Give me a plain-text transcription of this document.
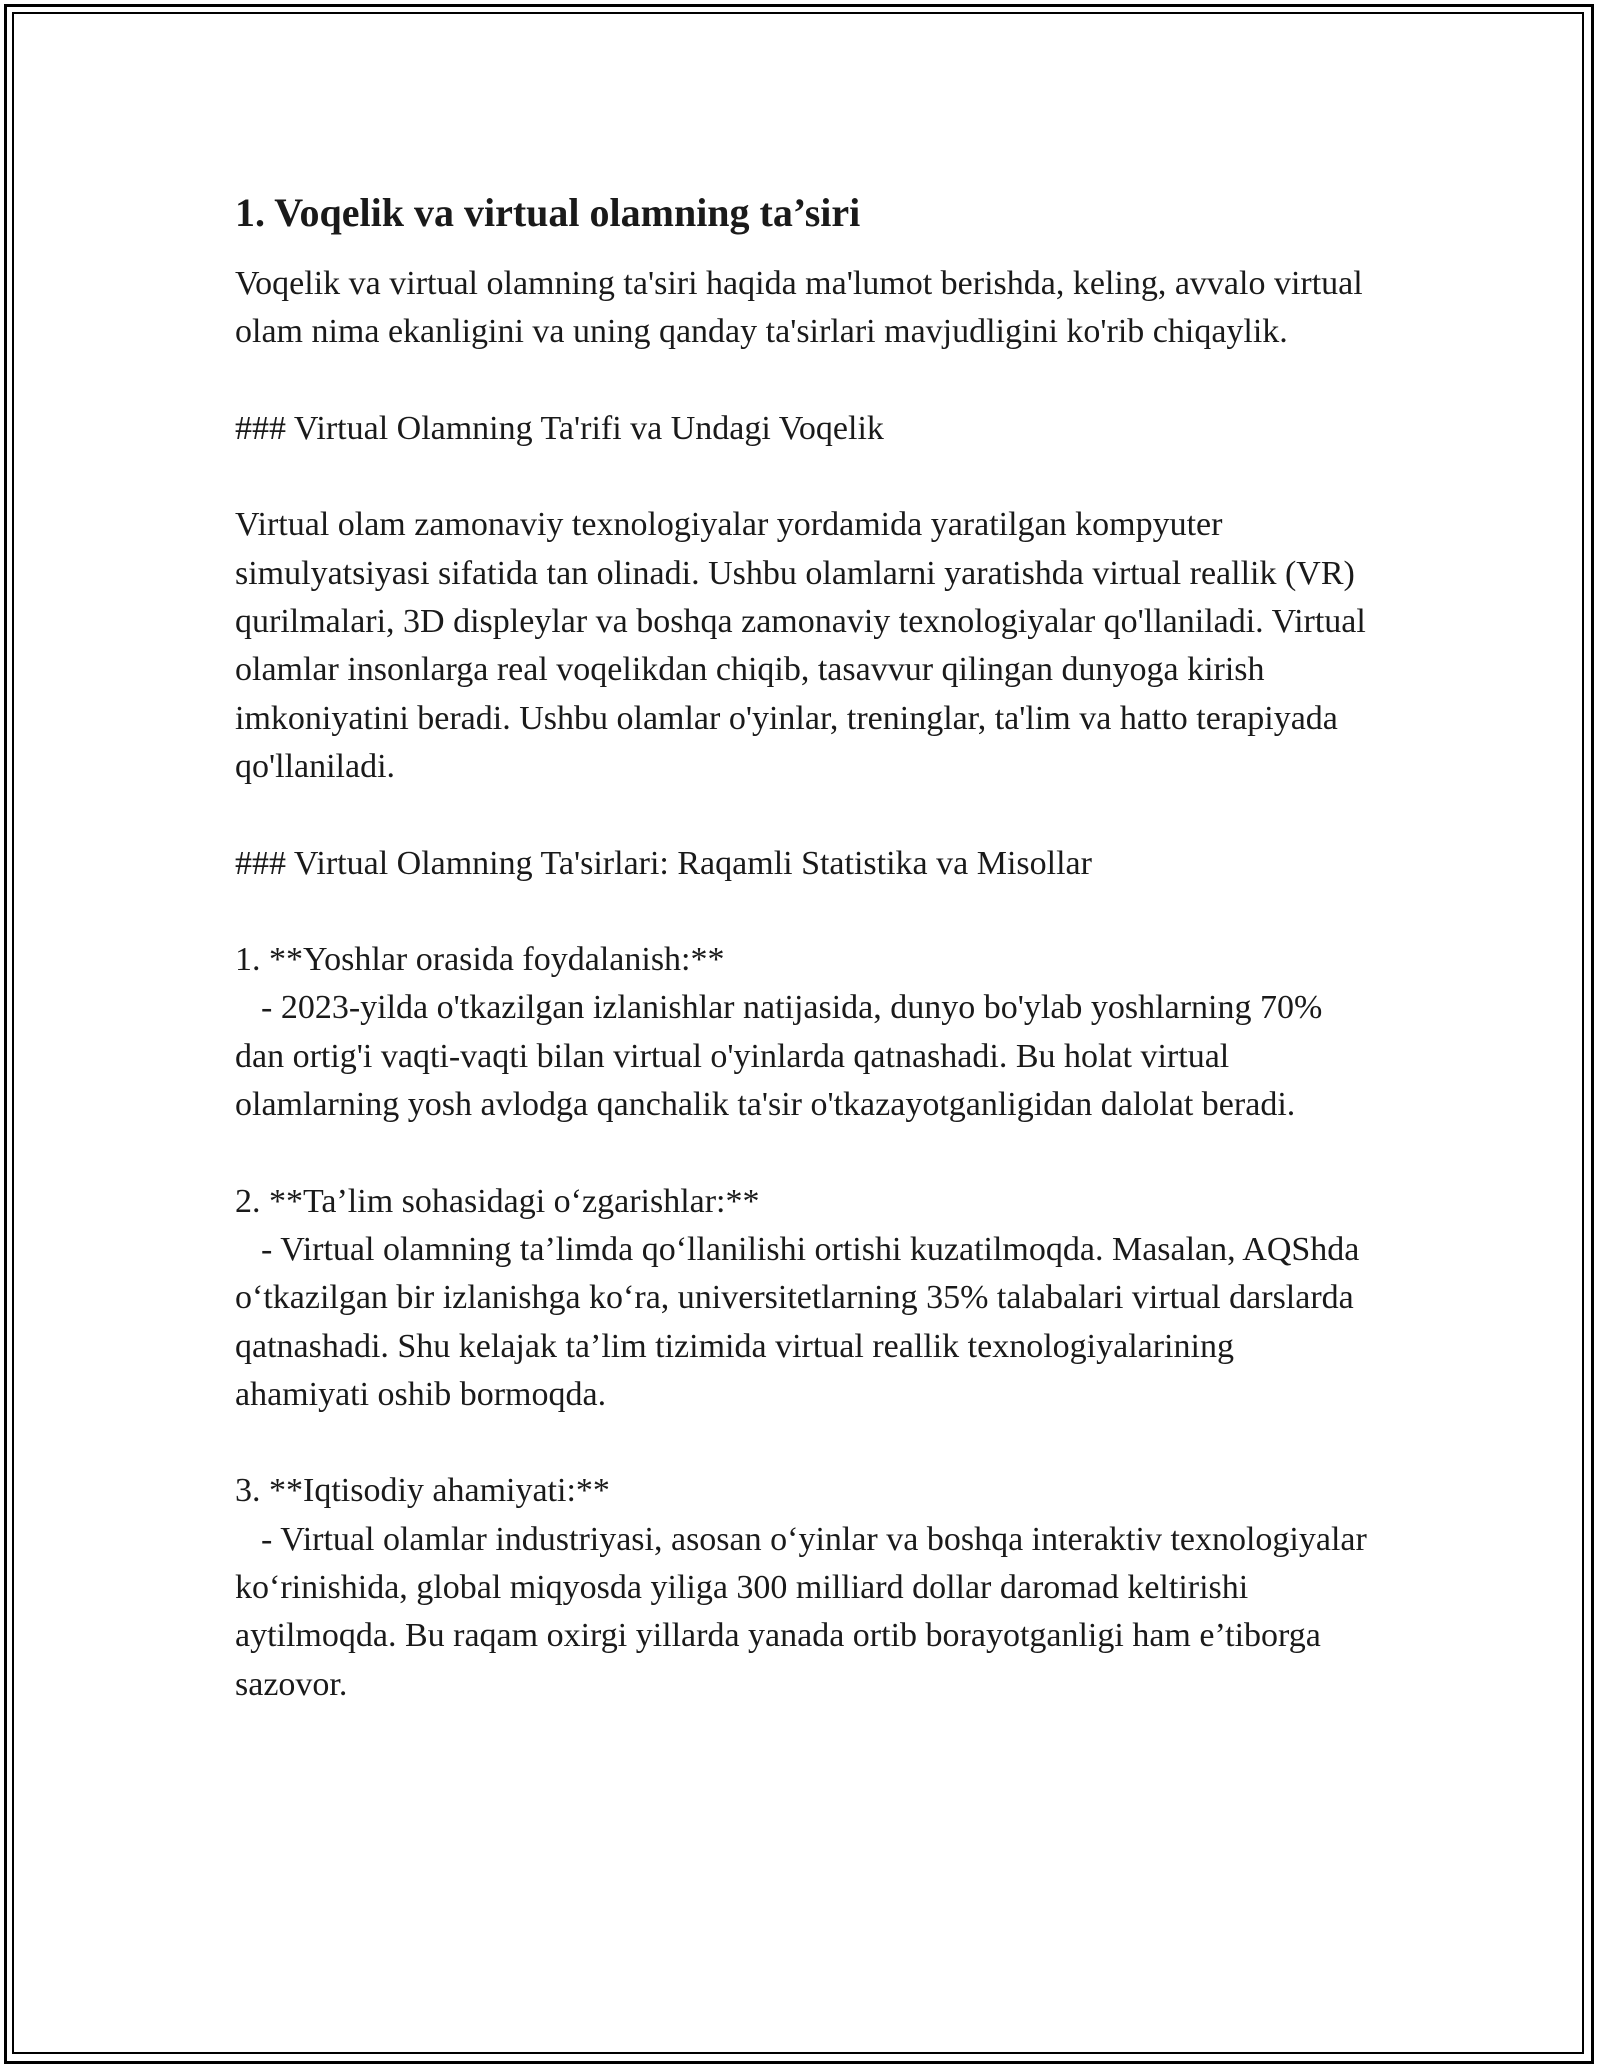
1. Voqelik va virtual olamning ta’siri

Voqelik va virtual olamning ta'siri haqida ma'lumot berishda, keling, avvalo virtual olam nima ekanligini va uning qanday ta'sirlari mavjudligini ko'rib chiqaylik.

### Virtual Olamning Ta'rifi va Undagi Voqelik

Virtual olam zamonaviy texnologiyalar yordamida yaratilgan kompyuter simulyatsiyasi sifatida tan olinadi. Ushbu olamlarni yaratishda virtual reallik (VR) qurilmalari, 3D displeylar va boshqa zamonaviy texnologiyalar qo'llaniladi. Virtual olamlar insonlarga real voqelikdan chiqib, tasavvur qilingan dunyoga kirish imkoniyatini beradi. Ushbu olamlar o'yinlar, treninglar, ta'lim va hatto terapiyada qo'llaniladi.

### Virtual Olamning Ta'sirlari: Raqamli Statistika va Misollar

1. **Yoshlar orasida foydalanish:**

- 2023-yilda o'tkazilgan izlanishlar natijasida, dunyo bo'ylab yoshlarning 70% dan ortig'i vaqti-vaqti bilan virtual o'yinlarda qatnashadi. Bu holat virtual olamlarning yosh avlodga qanchalik ta'sir o'tkazayotganligidan dalolat beradi.

2. **Ta’lim sohasidagi o‘zgarishlar:**

- Virtual olamning ta’limda qo‘llanilishi ortishi kuzatilmoqda. Masalan, AQShda o‘tkazilgan bir izlanishga ko‘ra, universitetlarning 35% talabalari virtual darslarda qatnashadi. Shu kelajak ta’lim tizimida virtual reallik texnologiyalarining ahamiyati oshib bormoqda.

3. **Iqtisodiy ahamiyati:**

- Virtual olamlar industriyasi, asosan o‘yinlar va boshqa interaktiv texnologiyalar ko‘rinishida, global miqyosda yiliga 300 milliard dollar daromad keltirishi aytilmoqda. Bu raqam oxirgi yillarda yanada ortib borayotganligi ham e’tiborga sazovor.
